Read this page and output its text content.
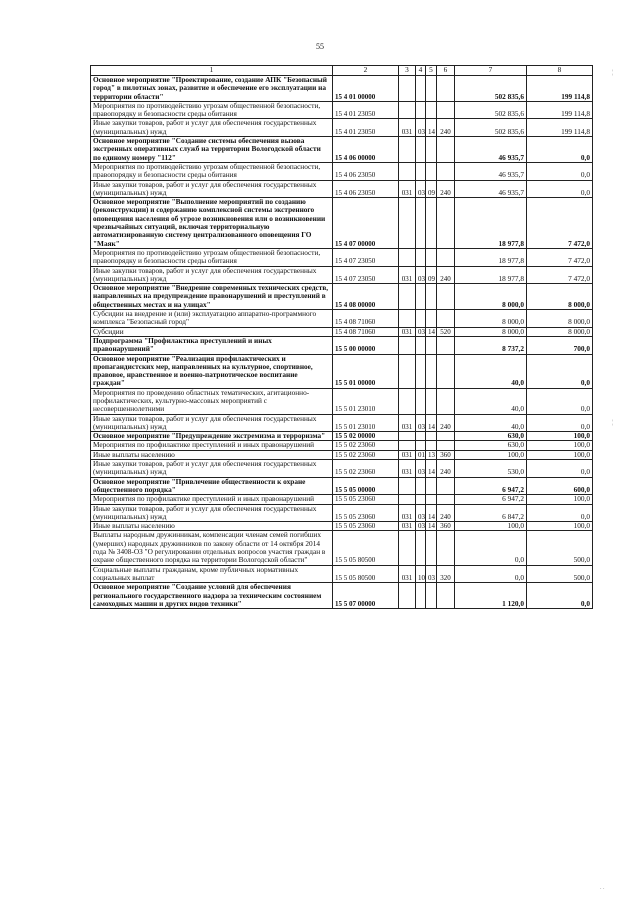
55
1	2	3	4	5	6	7	8
Основное мероприятие "Проектирование, создание АПК "Безопасный город" в пилотных зонах, развитие и обеспечение его эксплуатации на территории области"	15 4 01 00000					502 835,6	199 114,8
Мероприятия по противодействию угрозам общественной безопасности, правопорядку и безопасности среды обитания	15 4 01 23050					502 835,6	199 114,8
Иные закупки товаров, работ и услуг для обеспечения государственных (муниципальных) нужд	15 4 01 23050	031	03	14	240	502 835,6	199 114,8
Основное мероприятие "Создание системы обеспечения вызова экстренных оперативных служб на территории Вологодской области по единому номеру "112"	15 4 06 00000					46 935,7	0,0
Мероприятия по противодействию угрозам общественной безопасности, правопорядку и безопасности среды обитания	15 4 06 23050					46 935,7	0,0
Иные закупки товаров, работ и услуг для обеспечения государственных (муниципальных) нужд	15 4 06 23050	031	03	09	240	46 935,7	0,0
Основное мероприятие "Выполнение мероприятий по созданию (реконструкции) и содержанию комплексной системы экстренного оповещения населения об угрозе возникновения или о возникновении чрезвычайных ситуаций, включая территориальную автоматизированную систему централизованного оповещения ГО "Маяк"	15 4 07 00000					18 977,8	7 472,0
Мероприятия по противодействию угрозам общественной безопасности, правопорядку и безопасности среды обитания	15 4 07 23050					18 977,8	7 472,0
Иные закупки товаров, работ и услуг для обеспечения государственных (муниципальных) нужд	15 4 07 23050	031	03	09	240	18 977,8	7 472,0
Основное мероприятие "Внедрение современных технических средств, направленных на предупреждение правонарушений и преступлений в общественных местах и на улицах"	15 4 08 00000					8 000,0	8 000,0
Субсидии на внедрение и (или) эксплуатацию аппаратно-программного комплекса "Безопасный город"	15 4 08 71060					8 000,0	8 000,0
Субсидии	15 4 08 71060	031	03	14	520	8 000,0	8 000,0
Подпрограмма "Профилактика преступлений и иных правонарушений"	15 5 00 00000					8 737,2	700,0
Основное мероприятие "Реализация профилактических и пропагандистских мер, направленных на культурное, спортивное, правовое, нравственное и военно-патриотическое воспитание граждан"	15 5 01 00000					40,0	0,0
Мероприятия по проведению областных тематических, агитационно-профилактических, культурно-массовых мероприятий с несовершеннолетними	15 5 01 23010					40,0	0,0
Иные закупки товаров, работ и услуг для обеспечения государственных (муниципальных) нужд	15 5 01 23010	031	03	14	240	40,0	0,0
Основное мероприятие "Предупреждение экстремизма и терроризма"	15 5 02 00000					630,0	100,0
Мероприятия по профилактике преступлений и иных правонарушений	15 5 02 23060					630,0	100,0
Иные выплаты населению	15 5 02 23060	031	01	13	360	100,0	100,0
Иные закупки товаров, работ и услуг для обеспечения государственных (муниципальных) нужд	15 5 02 23060	031	03	14	240	530,0	0,0
Основное мероприятие "Привлечение общественности к охране общественного порядка"	15 5 05 00000					6 947,2	600,0
Мероприятия по профилактике преступлений и иных правонарушений	15 5 05 23060					6 947,2	100,0
Иные закупки товаров, работ и услуг для обеспечения государственных (муниципальных) нужд	15 5 05 23060	031	03	14	240	6 847,2	0,0
Иные выплаты населению	15 5 05 23060	031	03	14	360	100,0	100,0
Выплаты народным дружинникам, компенсации членам семей погибших (умерших) народных дружинников по закону области от 14 октября 2014 года № 3408-ОЗ "О регулировании отдельных вопросов участия граждан в охране общественного порядка на территории Вологодской области"	15 5 05 80500					0,0	500,0
Социальные выплаты гражданам, кроме публичных нормативных социальных выплат	15 5 05 80500	031	10	03	320	0,0	500,0
Основное мероприятие "Создание условий для обеспечения регионального государственного надзора за техническим состоянием самоходных машин и других видов техники"	15 5 07 00000					1 120,0	0,0
¦
¦
. .
